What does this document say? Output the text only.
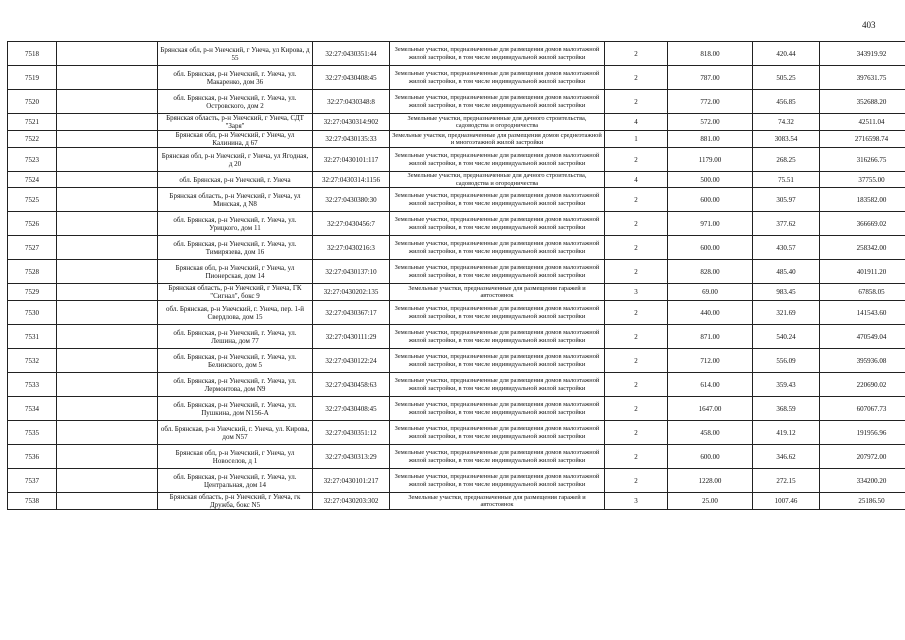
403
7518		Брянская обл, р-н Унечский, г Унеча, ул Кирова, д 55	32:27:0430351:44	Земельные участки, предназначенные для размещения домов малоэтажной жилой застройки, в том числе индивидуальной жилой застройки	2	818.00	420.44	343919.92
7519		обл. Брянская, р-н Унечский, г. Унеча, ул. Макаренко, дом 36	32:27:0430408:45	Земельные участки, предназначенные для размещения домов малоэтажной жилой застройки, в том числе индивидуальной жилой застройки	2	787.00	505.25	397631.75
7520		обл. Брянская, р-н Унечский, г. Унеча, ул. Островского, дом 2	32:27:0430348:8	Земельные участки, предназначенные для размещения домов малоэтажной жилой застройки, в том числе индивидуальной жилой застройки	2	772.00	456.85	352688.20
7521		Брянская область, р-н Унечский, г Унеча, СДТ "Заря"	32:27:0430314:902	Земельные участки, предназначенные для дачного строительства, садоводства и огородничества	4	572.00	74.32	42511.04
7522		Брянская обл, р-н Унечский, г Унеча, ул Калинина, д 67	32:27:0430135:33	Земельные участки, предназначенные для размещения домов среднеэтажной и многоэтажной жилой застройки	1	881.00	3083.54	2716598.74
7523		Брянская обл, р-н Унечский, г Унеча, ул Ягодная, д 20	32:27:0430101:117	Земельные участки, предназначенные для размещения домов малоэтажной жилой застройки, в том числе индивидуальной жилой застройки	2	1179.00	268.25	316266.75
7524		обл. Брянская, р-н Унечский, г. Унеча	32:27:0430314:1156	Земельные участки, предназначенные для дачного строительства, садоводства и огородничества	4	500.00	75.51	37755.00
7525		Брянская область, р-н Унечский, г Унеча, ул Минская, д N8	32:27:0430380:30	Земельные участки, предназначенные для размещения домов малоэтажной жилой застройки, в том числе индивидуальной жилой застройки	2	600.00	305.97	183582.00
7526		обл. Брянская, р-н Унечский, г. Унеча, ул. Урицкого, дом 11	32:27:0430456:7	Земельные участки, предназначенные для размещения домов малоэтажной жилой застройки, в том числе индивидуальной жилой застройки	2	971.00	377.62	366669.02
7527		обл. Брянская, р-н Унечский, г. Унеча, ул. Тимирязева, дом 16	32:27:0430216:3	Земельные участки, предназначенные для размещения домов малоэтажной жилой застройки, в том числе индивидуальной жилой застройки	2	600.00	430.57	258342.00
7528		Брянская обл, р-н Унечский, г Унеча, ул Пионерская, дом 14	32:27:0430137:10	Земельные участки, предназначенные для размещения домов малоэтажной жилой застройки, в том числе индивидуальной жилой застройки	2	828.00	485.40	401911.20
7529		Брянская область, р-н Унечский, г Унеча, ГК "Сигнал", бокс 9	32:27:0430202:135	Земельные участки, предназначенные для размещения гаражей и автостоянок	3	69.00	983.45	67858.05
7530		обл. Брянская, р-н Унечский, г. Унеча, пер. 1-й Свердлова, дом 15	32:27:0430367:17	Земельные участки, предназначенные для размещения домов малоэтажной жилой застройки, в том числе индивидуальной жилой застройки	2	440.00	321.69	141543.60
7531		обл. Брянская, р-н Унечский, г. Унеча, ул. Лешина, дом 77	32:27:0430111:29	Земельные участки, предназначенные для размещения домов малоэтажной жилой застройки, в том числе индивидуальной жилой застройки	2	871.00	540.24	470549.04
7532		обл. Брянская, р-н Унечский, г. Унеча, ул. Белинского, дом 5	32:27:0430122:24	Земельные участки, предназначенные для размещения домов малоэтажной жилой застройки, в том числе индивидуальной жилой застройки	2	712.00	556.09	395936.08
7533		обл. Брянская, р-н Унечский, г. Унеча, ул. Лермонтова, дом N9	32:27:0430458:63	Земельные участки, предназначенные для размещения домов малоэтажной жилой застройки, в том числе индивидуальной жилой застройки	2	614.00	359.43	220690.02
7534		обл. Брянская, р-н Унечский, г. Унеча, ул. Пушкина, дом N156-А	32:27:0430408:45	Земельные участки, предназначенные для размещения домов малоэтажной жилой застройки, в том числе индивидуальной жилой застройки	2	1647.00	368.59	607067.73
7535		обл. Брянская, р-н Унечский, г. Унеча, ул. Кирова, дом N57	32:27:0430351:12	Земельные участки, предназначенные для размещения домов малоэтажной жилой застройки, в том числе индивидуальной жилой застройки	2	458.00	419.12	191956.96
7536		Брянская обл, р-н Унечский, г Унеча, ул Новоселов, д 1	32:27:0430313:29	Земельные участки, предназначенные для размещения домов малоэтажной жилой застройки, в том числе индивидуальной жилой застройки	2	600.00	346.62	207972.00
7537		обл. Брянская, р-н Унечский, г. Унеча, ул. Центральная, дом 14	32:27:0430101:217	Земельные участки, предназначенные для размещения домов малоэтажной жилой застройки, в том числе индивидуальной жилой застройки	2	1228.00	272.15	334200.20
7538		Брянская область, р-н Унечский, г Унеча, гк Дружба, бокс N5	32:27:0430203:302	Земельные участки, предназначенные для размещения гаражей и автостоянок	3	25.00	1007.46	25186.50
